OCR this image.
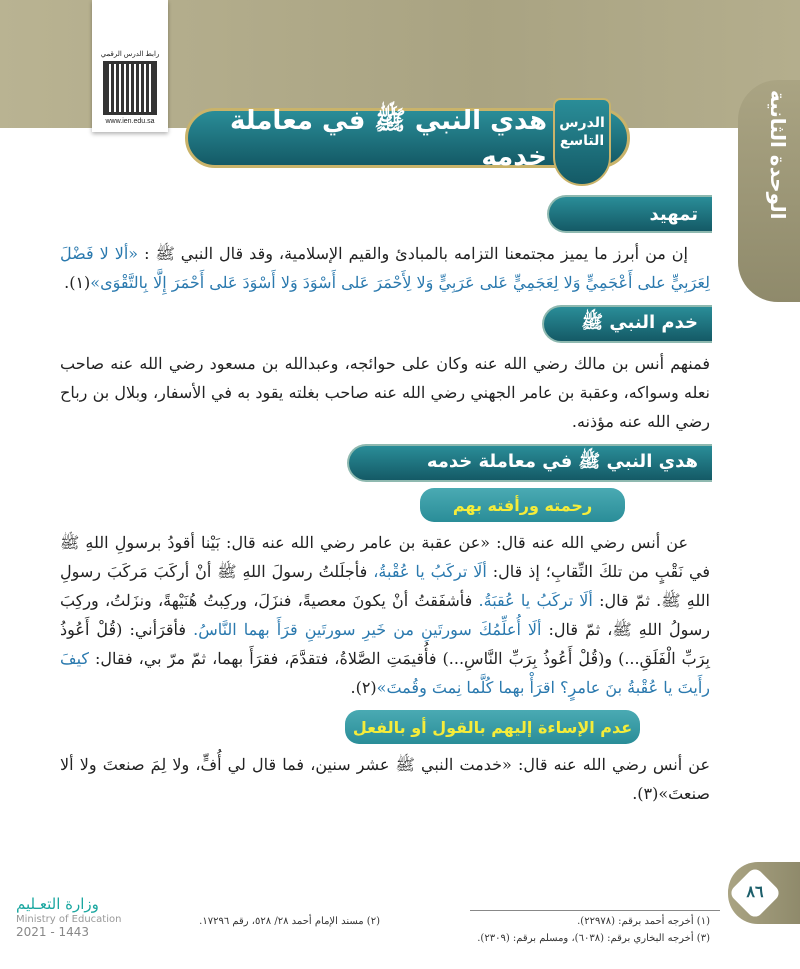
الوحدة الثانية
رابط الدرس الرقمي
www.ien.edu.sa	هدي النبي ﷺ في معاملة خدمه
الدرس التاسع
تمهيد
إن من أبرز ما يميز مجتمعنا التزامه بالمبادئ والقيم الإسلامية، وقد قال النبي ﷺ : «ألا لا فَضْلَ لِعَرَبِيٍّ على أَعْجَمِيٍّ وَلا لِعَجَمِيٍّ عَلى عَرَبِيٍّ وَلا لِأَحْمَرَ عَلى أَسْوَدَ وَلا أَسْوَدَ عَلى أَحْمَرَ إِلَّا بِالتَّقْوَى»(١).
خدم النبي ﷺ
فمنهم أنس بن مالك رضي الله عنه وكان على حوائجه، وعبدالله بن مسعود رضي الله عنه صاحب نعله وسواكه، وعقبة بن عامر الجهني رضي الله عنه صاحب بغلته يقود به في الأسفار، وبلال بن رباح رضي الله عنه مؤذنه.
هدي النبي ﷺ في معاملة خدمه
رحمته ورأفته بهم
عن أنس رضي الله عنه قال: «عن عقبة بن عامر رضي الله عنه قال: بَيْنا أقودُ برسولِ اللهِ ﷺ في نَقْبٍ من تلكَ النِّقابِ؛ إذ قال: ألَا تركَبُ يا عُقْبةُ، فأجلَلتُ رسولَ اللهِ ﷺ أنْ أركَبَ مَركَبَ رسولِ اللهِ ﷺ. ثمّ قال: ألَا تركَبُ يا عُقبَةُ. فأشفَقتُ أنْ يكونَ معصيةً، فنزَلَ، وركِبتُ هُنَيْهةً، ونزَلتُ، وركِبَ رسولُ اللهِ ﷺ، ثمّ قال: ألَا أُعلِّمُكَ سورتَينِ من خَيرِ سورتَينِ قرَأَ بهما النَّاسُ. فأقرَأني: (قُلْ أَعُوذُ بِرَبِّ الْفَلَقِ...) و(قُلْ أَعُوذُ بِرَبِّ النَّاسِ...) فأُقيمَتِ الصَّلاةُ، فتقدَّمَ، فقرَأَ بهما، ثمّ مرّ بي، فقال: كيفَ رأَيتَ يا عُقْبةُ بنَ عامرٍ؟ اقرَأْ بهما كُلَّما نِمتَ وقُمتَ»(٢).
عدم الإساءة إليهم بالقول أو بالفعل
عن أنس رضي الله عنه قال: «خدمت النبي ﷺ عشر سنين، فما قال لي أُفٍّ، ولا لِمَ صنعتَ ولا ألا صنعتَ»(٣).
(١) أخرجه أحمد برقم: (٢٢٩٧٨).
(٢) مسند الإمام أحمد ٢٨/ ٥٢٨، رقم ١٧٢٩٦.
(٣) أخرجه البخاري برقم: (٦٠٣٨)، ومسلم برقم: (٢٣٠٩).
٨٦
وزارة التعـليم
Ministry of Education
2021 - 1443
